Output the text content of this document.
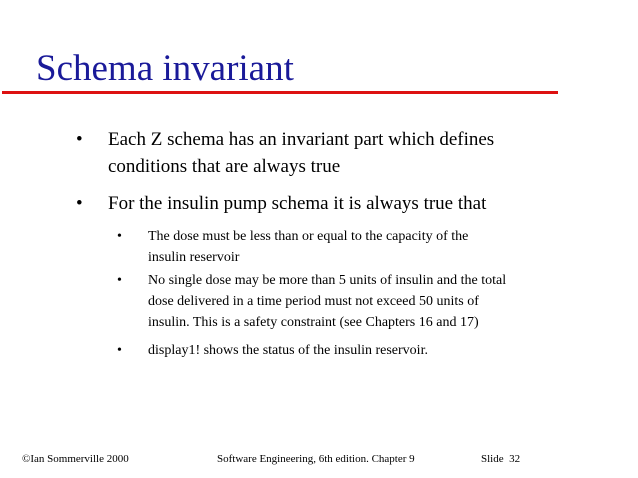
Schema invariant
• Each Z schema has an invariant part which defines
conditions that are always true
• For the insulin pump schema it is always true that
• The dose must be less than or equal to the capacity of the
insulin reservoir
• No single dose may be more than 5 units of insulin and the total
dose delivered in a time period must not exceed 50 units of
insulin. This is a safety constraint (see Chapters 16 and 17)
• display1! shows the status of the insulin reservoir.
©Ian Sommerville 2000	Software Engineering, 6th edition. Chapter 9	Slide  32
